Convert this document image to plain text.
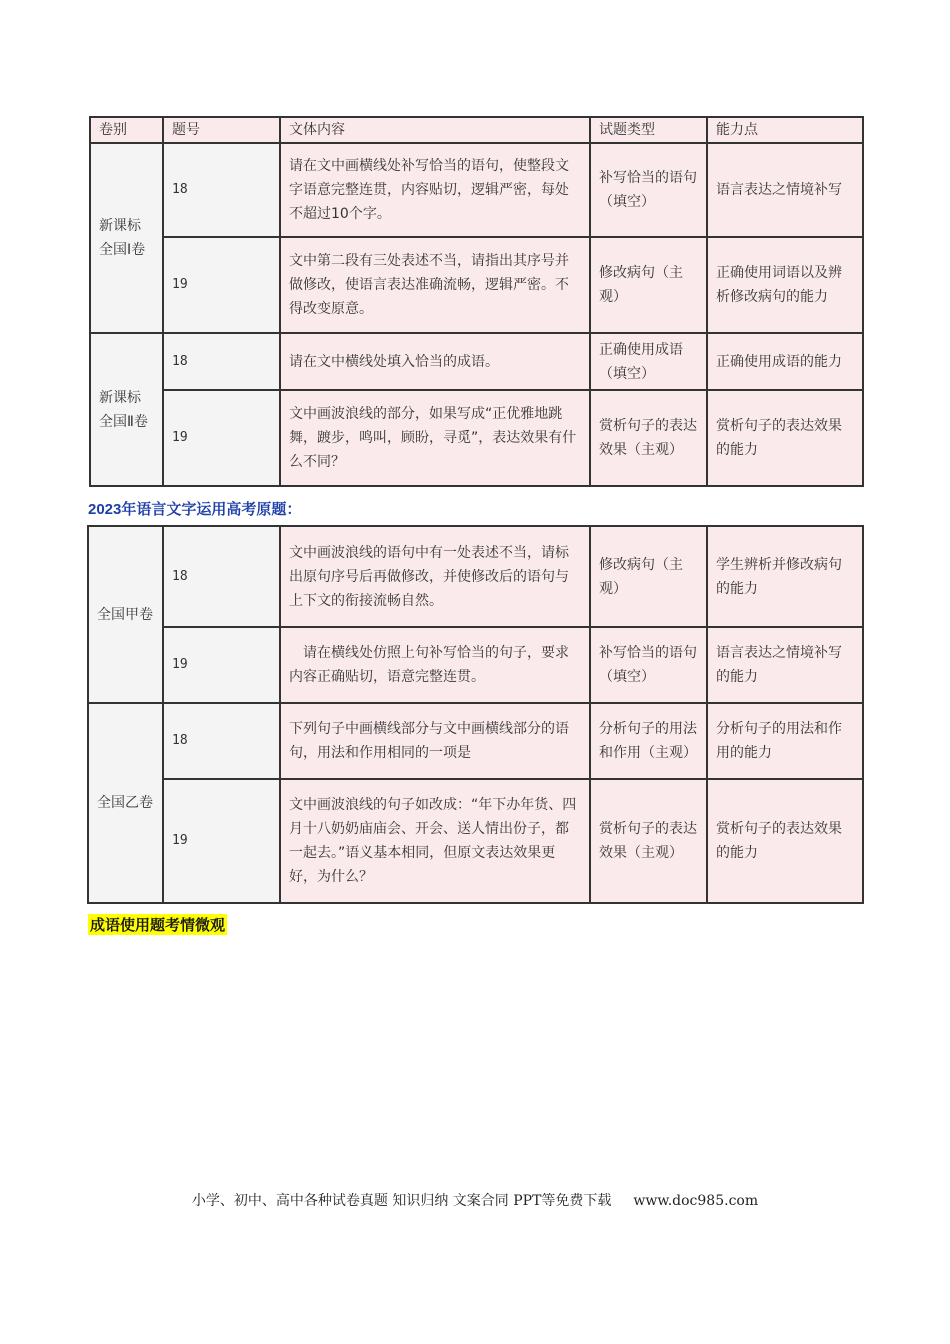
卷别	题号	文体内容	试题类型	能力点
新课标全国Ⅰ卷	18	请在文中画横线处补写恰当的语句，使整段文字语意完整连贯，内容贴切，逻辑严密，每处不超过10个字。	补写恰当的语句（填空）	语言表达之情境补写
	19	文中第二段有三处表述不当，请指出其序号并做修改，使语言表达准确流畅，逻辑严密。不得改变原意。	修改病句（主观）	正确使用词语以及辨析修改病句的能力
新课标全国Ⅱ卷	18	请在文中横线处填入恰当的成语。	正确使用成语（填空）	正确使用成语的能力
	19	文中画波浪线的部分，如果写成“正优雅地跳舞，踱步，鸣叫，顾盼，寻觅”，表达效果有什么不同？	赏析句子的表达效果（主观）	赏析句子的表达效果的能力

2023年语言文字运用高考原题：

全国甲卷	18	文中画波浪线的语句中有一处表述不当，请标出原句序号后再做修改，并使修改后的语句与上下文的衔接流畅自然。	修改病句（主观）	学生辨析并修改病句的能力
	19	　请在横线处仿照上句补写恰当的句子，要求内容正确贴切，语意完整连贯。	补写恰当的语句（填空）	语言表达之情境补写的能力
全国乙卷	18	下列句子中画横线部分与文中画横线部分的语句，用法和作用相同的一项是	分析句子的用法和作用（主观）	分析句子的用法和作用的能力
	19	文中画波浪线的句子如改成：“年下办年货、四月十八奶奶庙庙会、开会、送人情出份子，都一起去。”语义基本相同，但原文表达效果更好，为什么？	赏析句子的表达效果（主观）	赏析句子的表达效果的能力

成语使用题考情微观

小学、初中、高中各种试卷真题 知识归纳 文案合同 PPT等免费下载 www.doc985.com
